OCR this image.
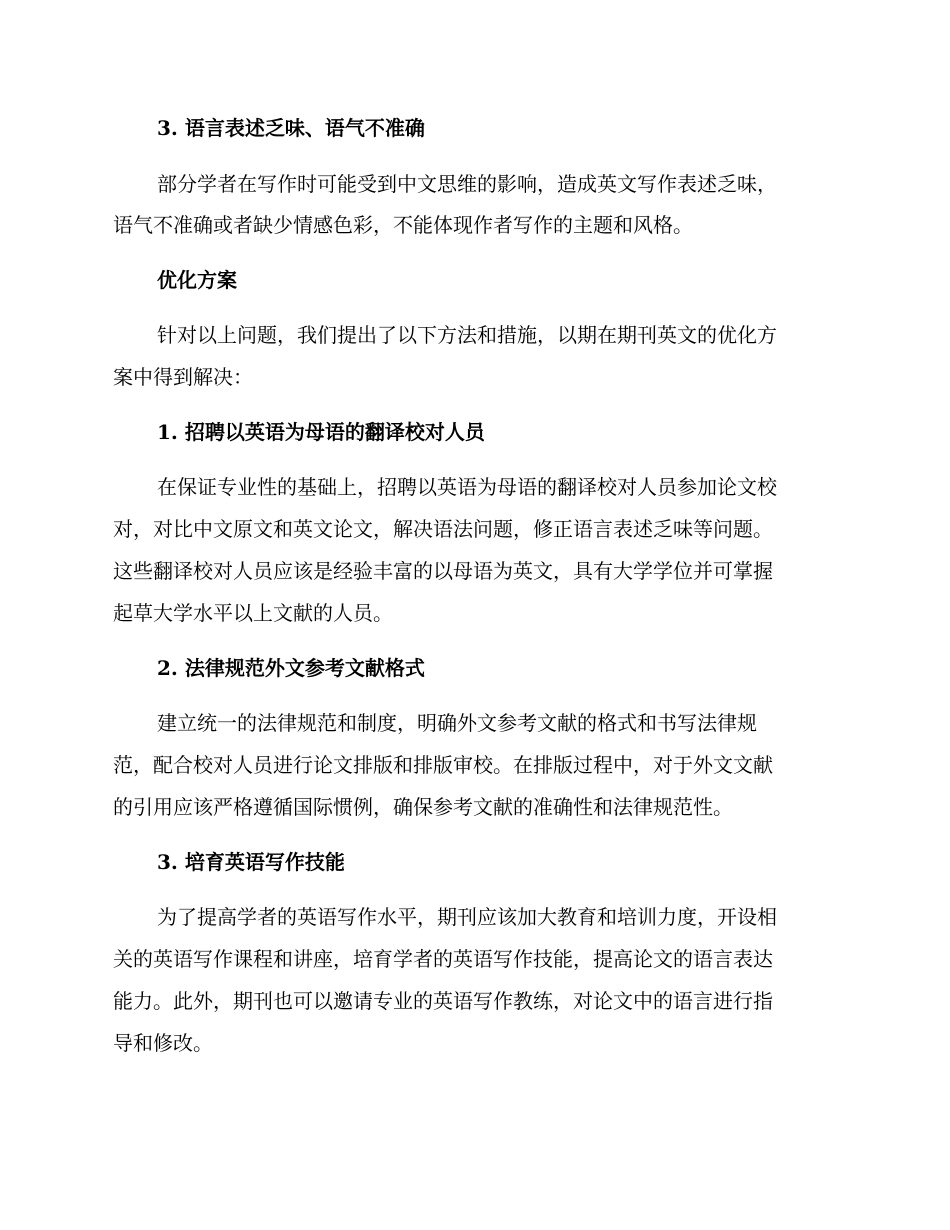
3. 语言表述乏味、语气不准确
部分学者在写作时可能受到中文思维的影响，造成英文写作表述乏味，
语气不准确或者缺少情感色彩，不能体现作者写作的主题和风格。
优化方案
针对以上问题，我们提出了以下方法和措施，以期在期刊英文的优化方
案中得到解决：
1. 招聘以英语为母语的翻译校对人员
在保证专业性的基础上，招聘以英语为母语的翻译校对人员参加论文校
对，对比中文原文和英文论文，解决语法问题，修正语言表述乏味等问题。
这些翻译校对人员应该是经验丰富的以母语为英文，具有大学学位并可掌握
起草大学水平以上文献的人员。
2. 法律规范外文参考文献格式
建立统一的法律规范和制度，明确外文参考文献的格式和书写法律规
范，配合校对人员进行论文排版和排版审校。在排版过程中，对于外文文献
的引用应该严格遵循国际惯例，确保参考文献的准确性和法律规范性。
3. 培育英语写作技能
为了提高学者的英语写作水平，期刊应该加大教育和培训力度，开设相
关的英语写作课程和讲座，培育学者的英语写作技能，提高论文的语言表达
能力。此外，期刊也可以邀请专业的英语写作教练，对论文中的语言进行指
导和修改。
